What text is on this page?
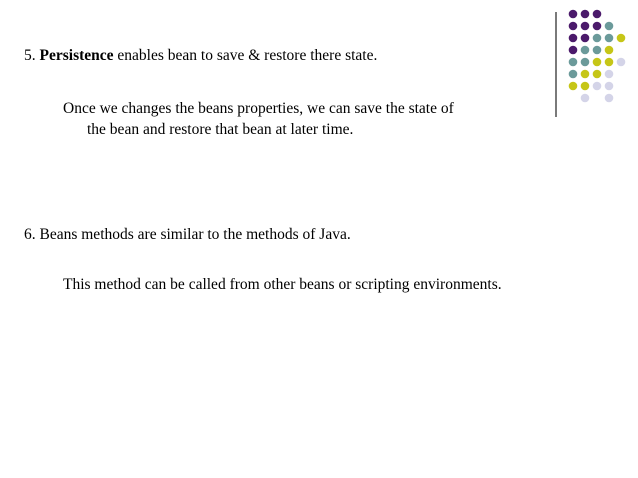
5. Persistence enables bean to save & restore there state.
Once we changes the beans properties, we can save the state of
the bean and restore that bean at later time.
6. Beans methods are similar to the methods of Java.
This method can be called from other beans or scripting environments.
